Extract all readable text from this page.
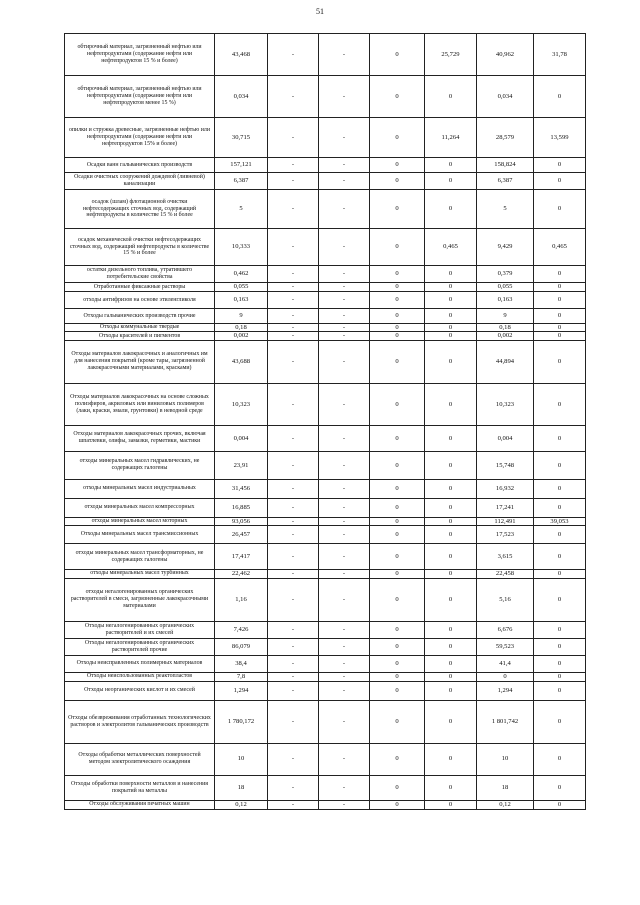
51
обтирочный материал, загрязненный нефтью или нефтепродуктами (содержание нефти или нефтепродуктов 15 % и более)	43,468	-	-	0	25,729	40,962	31,78
обтирочный материал, загрязненный нефтью или нефтепродуктами (содержание нефти или нефтепродуктов менее 15 %)	0,034	-	-	0	0	0,034	0
опилки и стружка древесные, загрязненные нефтью или нефтепродуктами (содержание нефти или нефтепродуктов 15% и более)	30,715	-	-	0	11,264	28,579	13,599
Осадки ванн гальванических производств	157,121	-	-	0	0	158,824	0
Осадки очистных сооружений дождевой (ливневой) канализации	6,387	-	-	0	0	6,387	0
осадок (шлам) флотационной очистки нефтесодержащих сточных вод, содержащий нефтепродукты в количестве 15 % и более	5	-	-	0	0	5	0
осадок механической очистки нефтесодержащих сточных вод, содержащий нефтепродукты в количестве 15 % и более	10,333	-	-	0	0,465	9,429	0,465
остатки дизельного топлива, утратившего потребительские свойства	0,462	-	-	0	0	0,379	0
Отработанные фиксажные растворы	0,055	-	-	0	0	0,055	0
отходы антифризов на основе этиленгликоля	0,163	-	-	0	0	0,163	0
Отходы гальванических производств прочие	9	-	-	0	0	9	0
Отходы коммунальные твердые	0,18	-	-	0	0	0,18	0
Отходы красителей и пигментов	0,002	-	-	0	0	0,002	0
Отходы материалов лакокрасочных и аналогичных им для нанесения покрытий (кроме тары, загрязненной лакокрасочными материалами, красками)	43,688	-	-	0	0	44,894	0
Отходы материалов лакокрасочных на основе сложных полиэфиров, акриловых или виниловых полимеров (лаки, краски, эмали, грунтовки) в неводной среде	10,323	-	-	0	0	10,323	0
Отходы материалов лакокрасочных прочих, включая шпатлевки, олифы, замазки, герметики, мастики	0,004	-	-	0	0	0,004	0
отходы минеральных масел гидравлических, не содержащих галогены	23,91	-	-	0	0	15,748	0
отходы минеральных масел индустриальных	31,456	-	-	0	0	16,932	0
отходы минеральных масел компрессорных	16,885	-	-	0	0	17,241	0
отходы минеральных масел моторных	93,056	-	-	0	0	112,491	39,053
Отходы минеральных масел трансмиссионных	26,457	-	-	0	0	17,523	0
отходы минеральных масел трансформаторных, не содержащих галогены	17,417	-	-	0	0	3,615	0
отходы минеральных масел турбинных	22,462	-	-	0	0	22,458	0
отходы негалогенированных органических растворителей в смеси, загрязненные лакокрасочными материалами	1,16	-	-	0	0	5,16	0
Отходы негалогенированных органических растворителей и их смесей	7,426	-	-	0	0	6,676	0
Отходы негалогенированных органических растворителей прочие	86,079	-	-	0	0	59,523	0
Отходы неисправленных полимерных материалов	38,4	-	-	0	0	41,4	0
Отходы неиспользованных реактопластов	7,8	-	-	0	0	0	0
Отходы неорганических кислот и их смесей	1,294	-	-	0	0	1,294	0
Отходы обезвреживания отработанных технологических растворов и электролитов гальванических производств	1 780,172	-	-	0	0	1 801,742	0
Отходы обработки металлических поверхностей методом электролитического осаждения	10	-	-	0	0	10	0
Отходы обработки поверхности металлов и нанесения покрытий на металлы	18	-	-	0	0	18	0
Отходы обслуживания печатных машин	0,12	-	-	0	0	0,12	0
